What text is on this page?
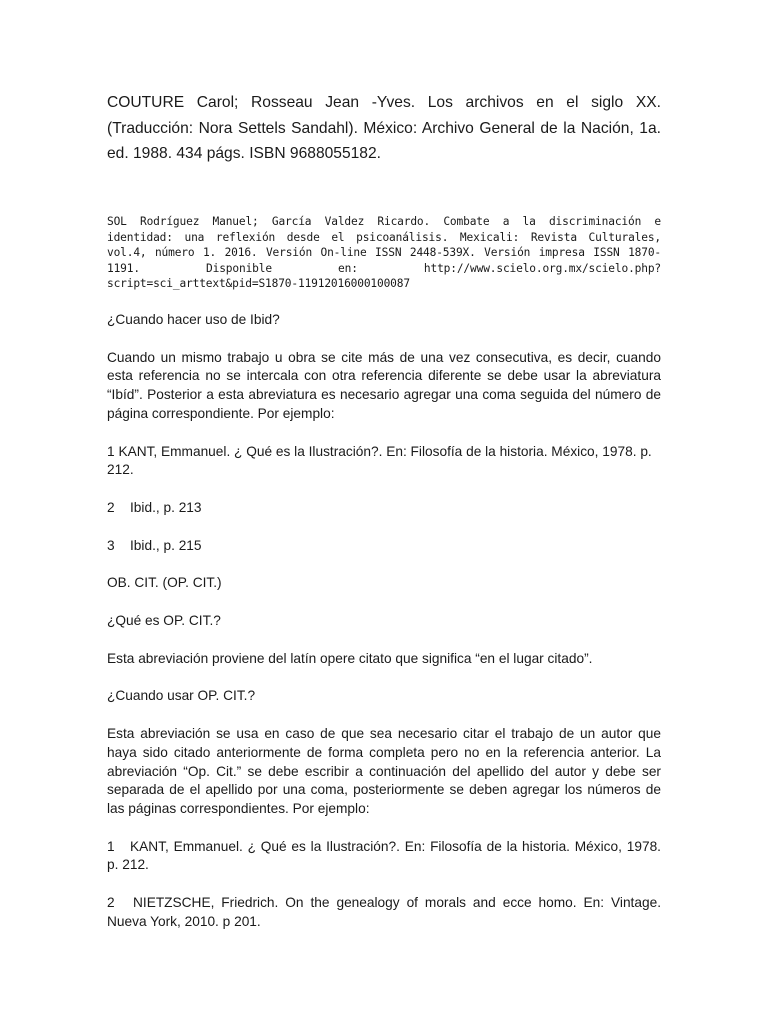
COUTURE Carol; Rosseau Jean -Yves. Los archivos en el siglo XX. (Traducción: Nora Settels Sandahl). México: Archivo General de la Nación, 1a. ed. 1988. 434 págs. ISBN 9688055182.

SOL Rodríguez Manuel; García Valdez Ricardo. Combate a la discriminación e identidad: una reflexión desde el psicoanálisis. Mexicali: Revista Culturales, vol.4, número 1. 2016. Versión On-line ISSN 2448-539X. Versión impresa ISSN 1870-1191. Disponible en: http://www.scielo.org.mx/scielo.php?script=sci_arttext&pid=S1870-11912016000100087

¿Cuando hacer uso de Ibid?

Cuando un mismo trabajo u obra se cite más de una vez consecutiva, es decir, cuando esta referencia no se intercala con otra referencia diferente se debe usar la abreviatura “Ibíd”. Posterior a esta abreviatura es necesario agregar una coma seguida del número de página correspondiente. Por ejemplo:

1 KANT, Emmanuel. ¿ Qué es la Ilustración?. En: Filosofía de la historia. México, 1978. p. 212.

2 Ibid., p. 213

3 Ibid., p. 215

OB. CIT. (OP. CIT.)

¿Qué es OP. CIT.?

Esta abreviación proviene del latín opere citato que significa “en el lugar citado”.

¿Cuando usar OP. CIT.?

Esta abreviación se usa en caso de que sea necesario citar el trabajo de un autor que haya sido citado anteriormente de forma completa pero no en la referencia anterior. La abreviación “Op. Cit.” se debe escribir a continuación del apellido del autor y debe ser separada de el apellido por una coma, posteriormente se deben agregar los números de las páginas correspondientes. Por ejemplo:

1 KANT, Emmanuel. ¿ Qué es la Ilustración?. En: Filosofía de la historia. México, 1978. p. 212.

2 NIETZSCHE, Friedrich. On the genealogy of morals and ecce homo. En: Vintage. Nueva York, 2010. p 201.
